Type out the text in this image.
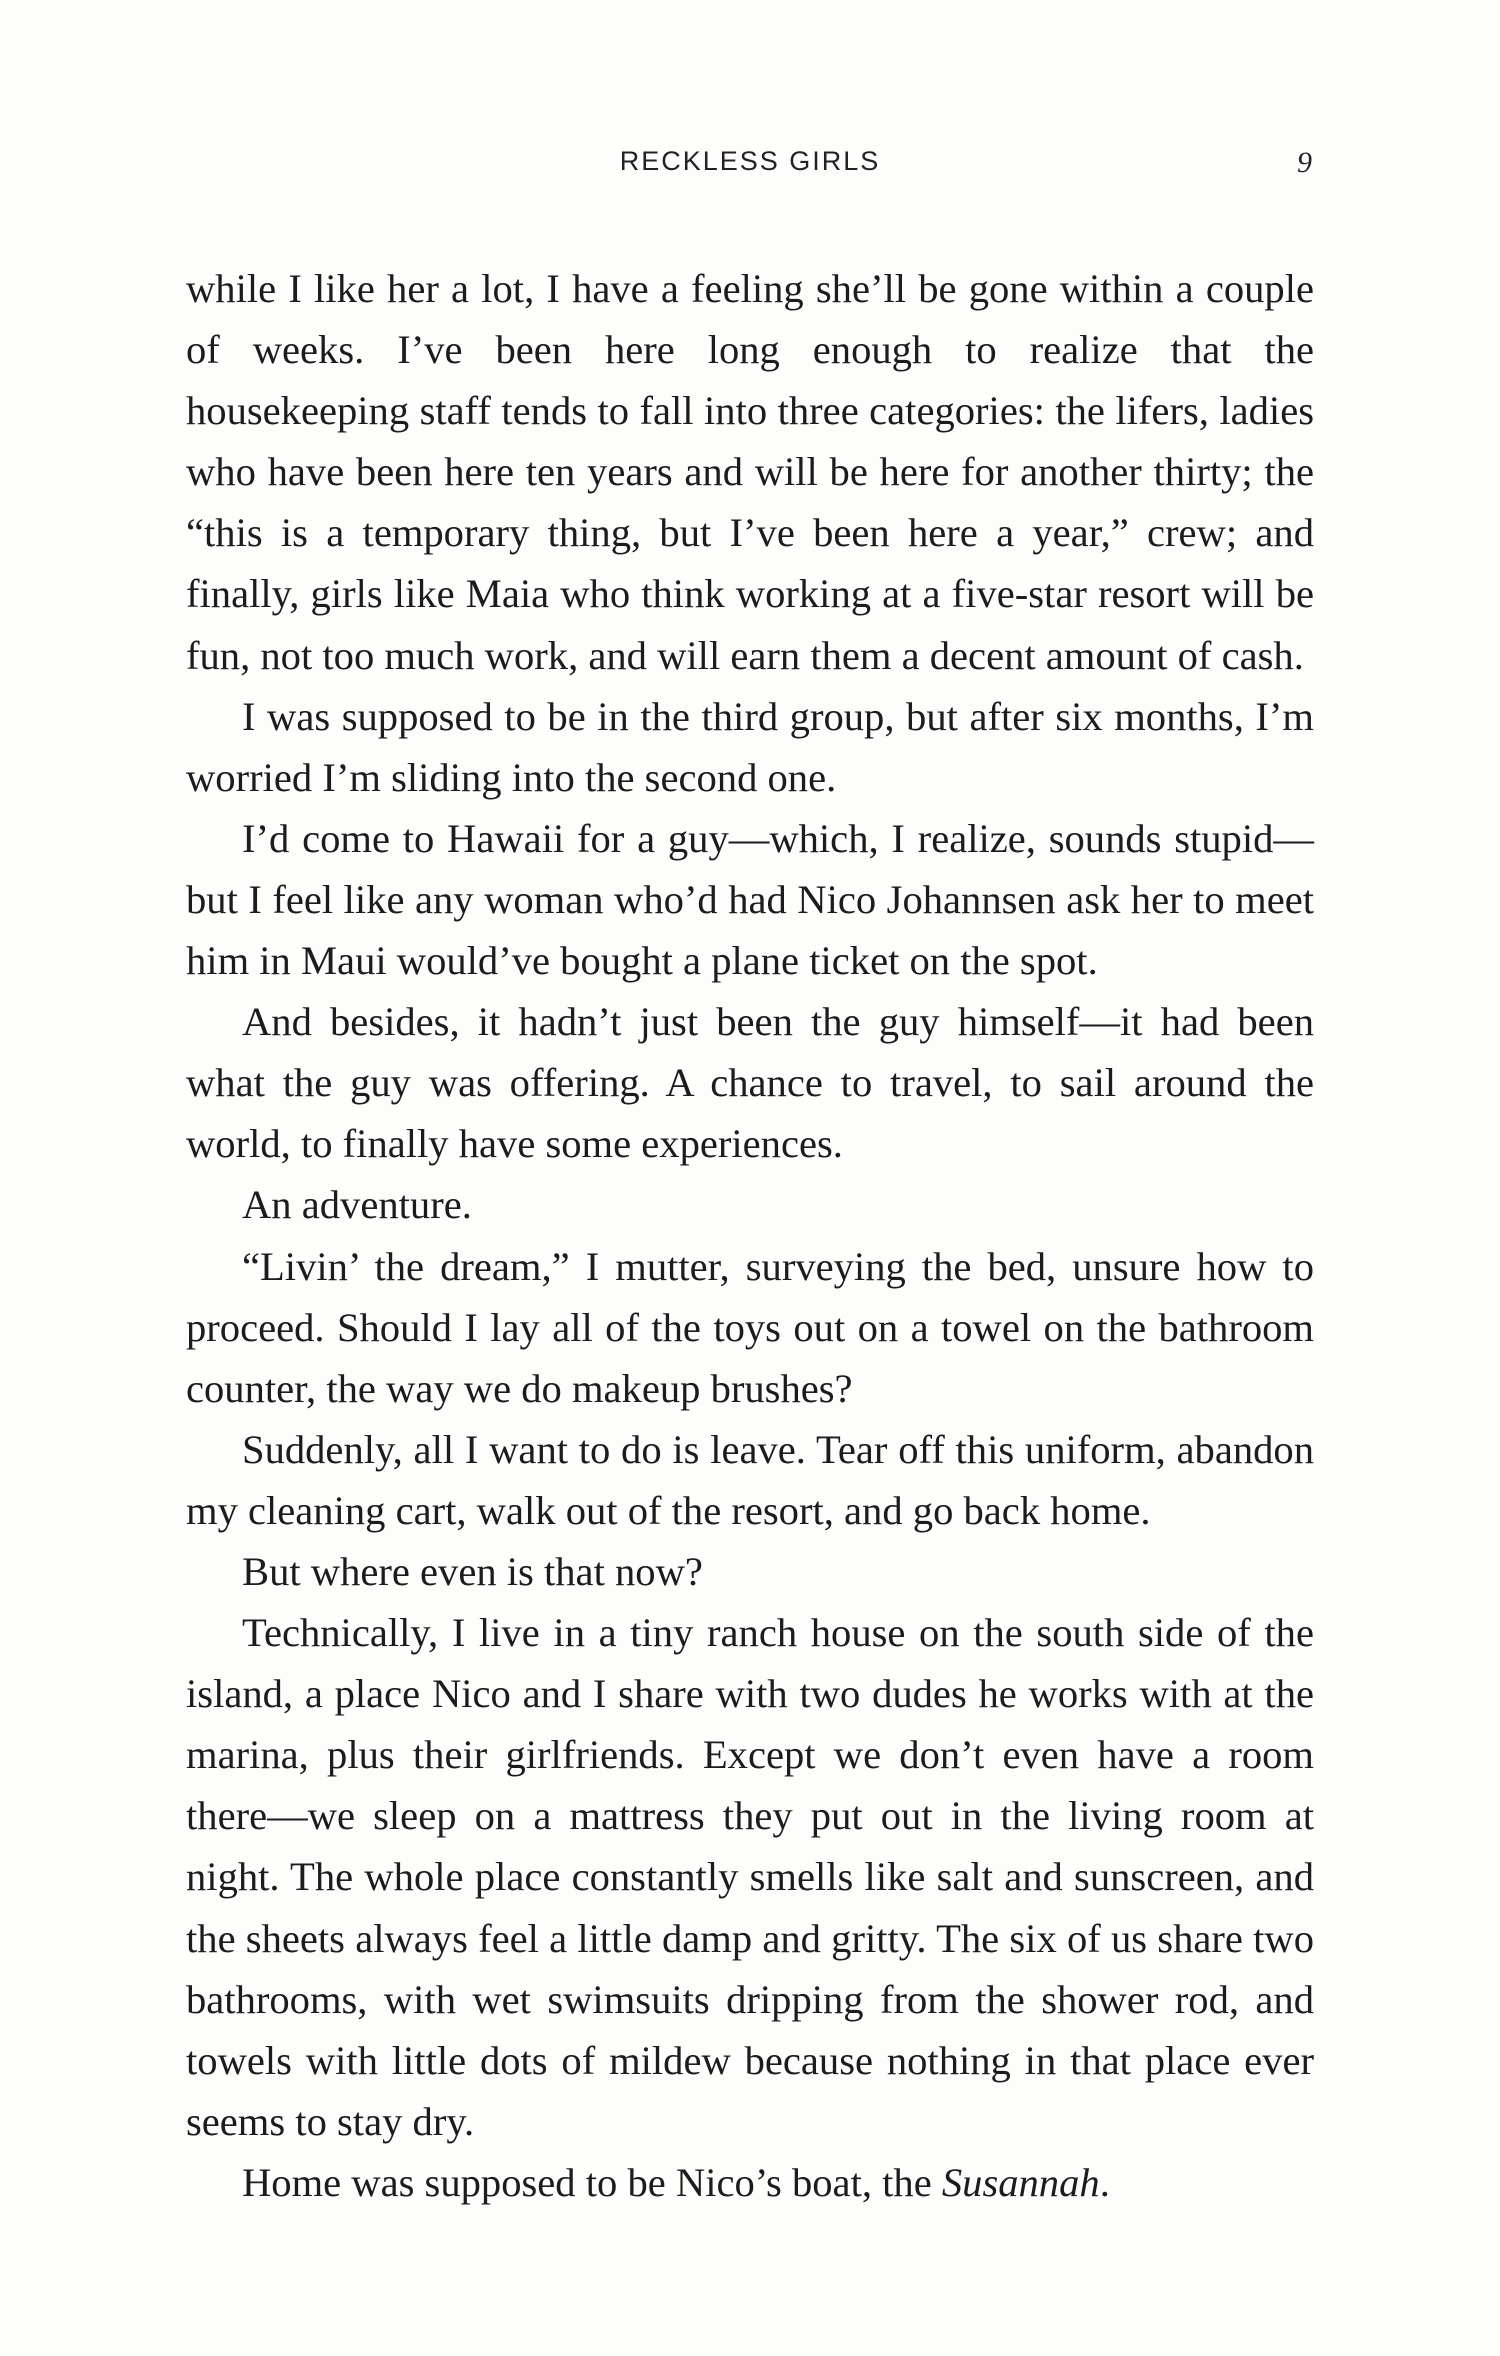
RECKLESS GIRLS	9

while I like her a lot, I have a feeling she’ll be gone within a couple of weeks. I’ve been here long enough to realize that the housekeeping staff tends to fall into three categories: the lifers, ladies who have been here ten years and will be here for another thirty; the “this is a temporary thing, but I’ve been here a year,” crew; and finally, girls like Maia who think working at a five-star resort will be fun, not too much work, and will earn them a decent amount of cash.

I was supposed to be in the third group, but after six months, I’m worried I’m sliding into the second one.

I’d come to Hawaii for a guy—which, I realize, sounds stupid—but I feel like any woman who’d had Nico Johannsen ask her to meet him in Maui would’ve bought a plane ticket on the spot.

And besides, it hadn’t just been the guy himself—it had been what the guy was offering. A chance to travel, to sail around the world, to finally have some experiences.

An adventure.

“Livin’ the dream,” I mutter, surveying the bed, unsure how to proceed. Should I lay all of the toys out on a towel on the bathroom counter, the way we do makeup brushes?

Suddenly, all I want to do is leave. Tear off this uniform, abandon my cleaning cart, walk out of the resort, and go back home.

But where even is that now?

Technically, I live in a tiny ranch house on the south side of the island, a place Nico and I share with two dudes he works with at the marina, plus their girlfriends. Except we don’t even have a room there—we sleep on a mattress they put out in the living room at night. The whole place constantly smells like salt and sunscreen, and the sheets always feel a little damp and gritty. The six of us share two bathrooms, with wet swimsuits dripping from the shower rod, and towels with little dots of mildew because nothing in that place ever seems to stay dry.

Home was supposed to be Nico’s boat, the Susannah.
